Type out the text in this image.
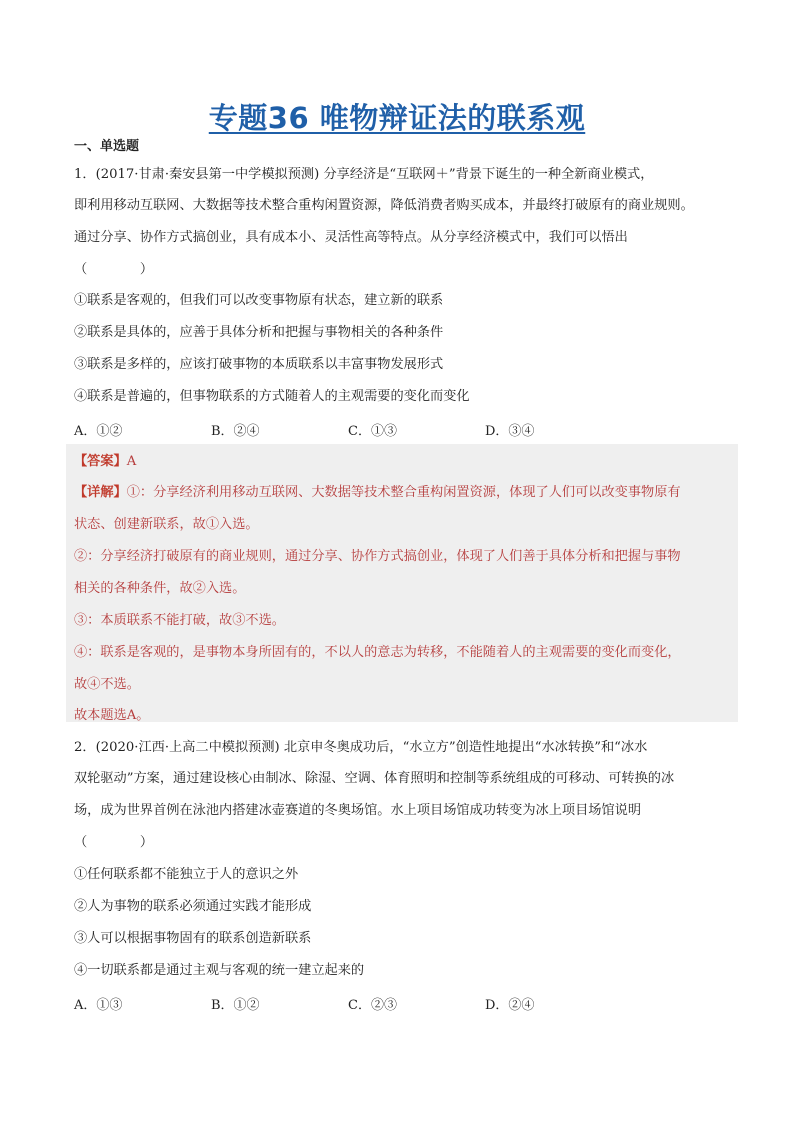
专题36 唯物辩证法的联系观
一、单选题
1．(2017·甘肃·秦安县第一中学模拟预测) 分享经济是“互联网＋”背景下诞生的一种全新商业模式，
即利用移动互联网、大数据等技术整合重构闲置资源，降低消费者购买成本，并最终打破原有的商业规则。
通过分享、协作方式搞创业，具有成本小、灵活性高等特点。从分享经济模式中，我们可以悟出
（　　　　）
①联系是客观的，但我们可以改变事物原有状态，建立新的联系
②联系是具体的，应善于具体分析和把握与事物相关的各种条件
③联系是多样的，应该打破事物的本质联系以丰富事物发展形式
④联系是普遍的，但事物联系的方式随着人的主观需要的变化而变化
A．①②	B．②④	C．①③	D．③④
【答案】A
【详解】①：分享经济利用移动互联网、大数据等技术整合重构闲置资源，体现了人们可以改变事物原有
状态、创建新联系，故①入选。
②：分享经济打破原有的商业规则，通过分享、协作方式搞创业，体现了人们善于具体分析和把握与事物
相关的各种条件，故②入选。
③：本质联系不能打破，故③不选。
④：联系是客观的，是事物本身所固有的，不以人的意志为转移，不能随着人的主观需要的变化而变化，
故④不选。
故本题选A。
2．(2020·江西·上高二中模拟预测) 北京申冬奥成功后，“水立方”创造性地提出“水冰转换”和“冰水
双轮驱动”方案，通过建设核心由制冰、除湿、空调、体育照明和控制等系统组成的可移动、可转换的冰
场，成为世界首例在泳池内搭建冰壶赛道的冬奥场馆。水上项目场馆成功转变为冰上项目场馆说明
（　　　　）
①任何联系都不能独立于人的意识之外
②人为事物的联系必须通过实践才能形成
③人可以根据事物固有的联系创造新联系
④一切联系都是通过主观与客观的统一建立起来的
A．①③	B．①②	C．②③	D．②④
